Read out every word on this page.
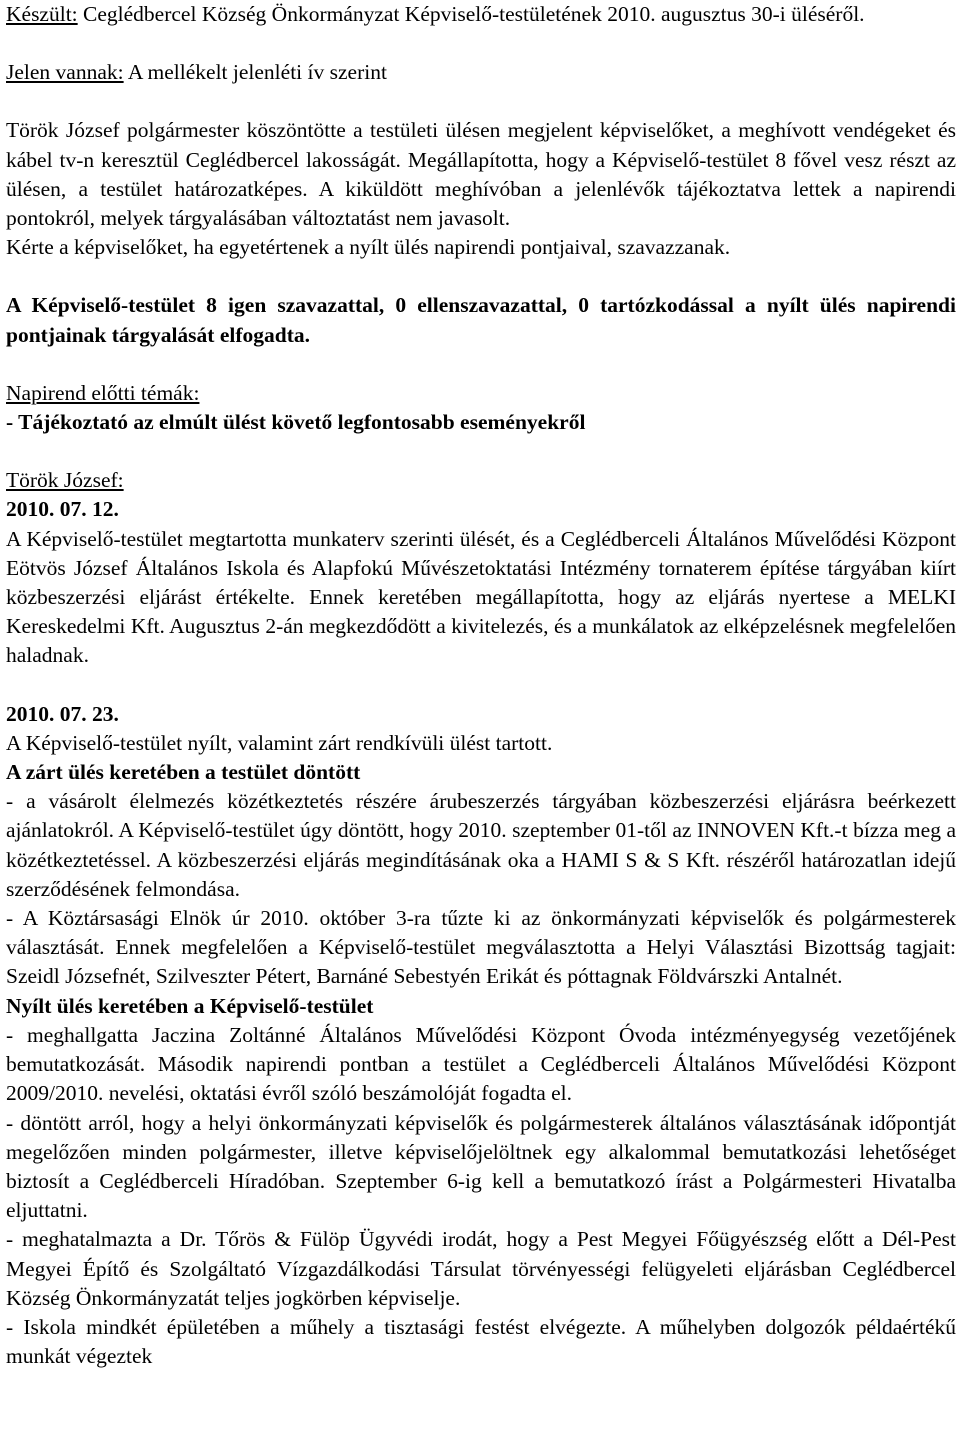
Készült: Ceglédbercel Község Önkormányzat Képviselő-testületének 2010. augusztus 30-i üléséről.

Jelen vannak: A mellékelt jelenléti ív szerint

Török József polgármester köszöntötte a testületi ülésen megjelent képviselőket, a meghívott vendégeket és kábel tv-n keresztül Ceglédbercel lakosságát. Megállapította, hogy a Képviselő-testület 8 fővel vesz részt az ülésen, a testület határozatképes. A kiküldött meghívóban a jelenlévők tájékoztatva lettek a napirendi pontokról, melyek tárgyalásában változtatást nem javasolt.

Kérte a képviselőket, ha egyetértenek a nyílt ülés napirendi pontjaival, szavazzanak.

A Képviselő-testület 8 igen szavazattal, 0 ellenszavazattal, 0 tartózkodással a nyílt ülés napirendi pontjainak tárgyalását elfogadta.

Napirend előtti témák:

- Tájékoztató az elmúlt ülést követő legfontosabb eseményekről

Török József:

2010. 07. 12.

A Képviselő-testület megtartotta munkaterv szerinti ülését, és a Ceglédberceli Általános Művelődési Központ Eötvös József Általános Iskola és Alapfokú Művészetoktatási Intézmény tornaterem építése tárgyában kiírt közbeszerzési eljárást értékelte. Ennek keretében megállapította, hogy az eljárás nyertese a MELKI Kereskedelmi Kft. Augusztus 2-án megkezdődött a kivitelezés, és a munkálatok az elképzelésnek megfelelően haladnak.

2010. 07. 23.

A Képviselő-testület nyílt, valamint zárt rendkívüli ülést tartott.

A zárt ülés keretében a testület döntött

- a vásárolt élelmezés közétkeztetés részére árubeszerzés tárgyában közbeszerzési eljárásra beérkezett ajánlatokról. A Képviselő-testület úgy döntött, hogy 2010. szeptember 01-től az INNOVEN Kft.-t bízza meg a közétkeztetéssel. A közbeszerzési eljárás megindításának oka a HAMI S & S Kft. részéről határozatlan idejű szerződésének felmondása.

- A Köztársasági Elnök úr 2010. október 3-ra tűzte ki az önkormányzati képviselők és polgármesterek választását. Ennek megfelelően a Képviselő-testület megválasztotta a Helyi Választási Bizottság tagjait: Szeidl Józsefnét, Szilveszter Pétert, Barnáné Sebestyén Erikát és póttagnak Földvárszki Antalnét.

Nyílt ülés keretében a Képviselő-testület

- meghallgatta Jaczina Zoltánné Általános Művelődési Központ Óvoda intézményegység vezetőjének bemutatkozását. Második napirendi pontban a testület a Ceglédberceli Általános Művelődési Központ 2009/2010. nevelési, oktatási évről szóló beszámolóját fogadta el.

- döntött arról, hogy a helyi önkormányzati képviselők és polgármesterek általános választásának időpontját megelőzően minden polgármester, illetve képviselőjelöltnek egy alkalommal bemutatkozási lehetőséget biztosít a Ceglédberceli Híradóban. Szeptember 6-ig kell a bemutatkozó írást a Polgármesteri Hivatalba eljuttatni.

- meghatalmazta a Dr. Tőrös & Fülöp Ügyvédi irodát, hogy a Pest Megyei Főügyészség előtt a Dél-Pest Megyei Építő és Szolgáltató Vízgazdálkodási Társulat törvényességi felügyeleti eljárásban Ceglédbercel Község Önkormányzatát teljes jogkörben képviselje.

- Iskola mindkét épületében a műhely a tisztasági festést elvégezte. A műhelyben dolgozók példaértékű munkát végeztek
